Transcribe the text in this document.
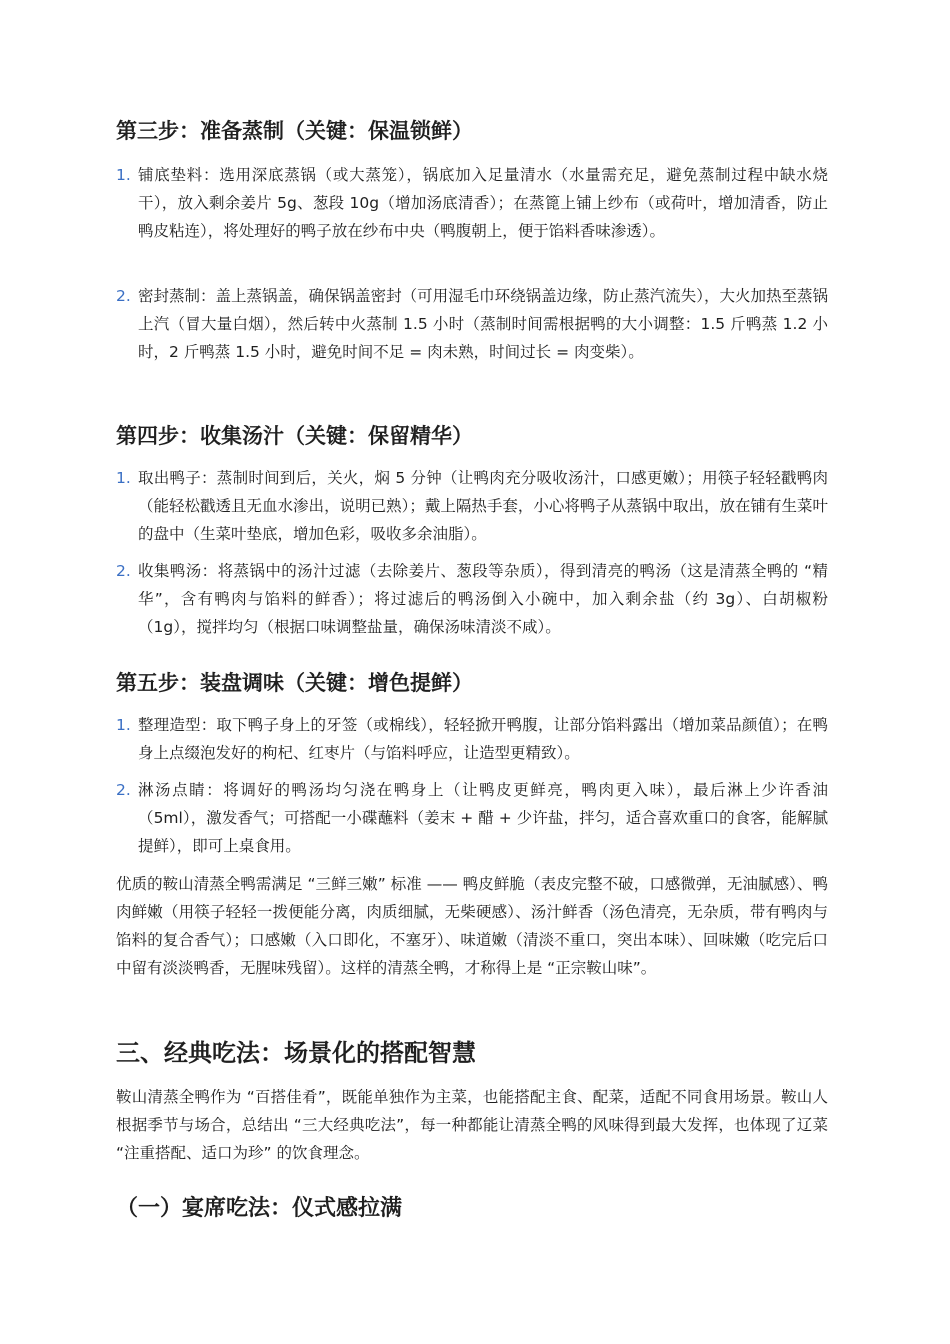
第三步：准备蒸制（关键：保温锁鲜）
1. 铺底垫料：选用深底蒸锅（或大蒸笼），锅底加入足量清水（水量需充足，避免蒸制过程中缺水烧干），放入剩余姜片 5g、葱段 10g（增加汤底清香）；在蒸篦上铺上纱布（或荷叶，增加清香，防止鸭皮粘连），将处理好的鸭子放在纱布中央（鸭腹朝上，便于馅料香味渗透）。
2. 密封蒸制：盖上蒸锅盖，确保锅盖密封（可用湿毛巾环绕锅盖边缘，防止蒸汽流失），大火加热至蒸锅上汽（冒大量白烟），然后转中火蒸制 1.5 小时（蒸制时间需根据鸭的大小调整：1.5 斤鸭蒸 1.2 小时，2 斤鸭蒸 1.5 小时，避免时间不足 = 肉未熟，时间过长 = 肉变柴）。
第四步：收集汤汁（关键：保留精华）
1. 取出鸭子：蒸制时间到后，关火，焖 5 分钟（让鸭肉充分吸收汤汁，口感更嫩）；用筷子轻轻戳鸭肉（能轻松戳透且无血水渗出，说明已熟）；戴上隔热手套，小心将鸭子从蒸锅中取出，放在铺有生菜叶的盘中（生菜叶垫底，增加色彩，吸收多余油脂）。
2. 收集鸭汤：将蒸锅中的汤汁过滤（去除姜片、葱段等杂质），得到清亮的鸭汤（这是清蒸全鸭的 “精华”，含有鸭肉与馅料的鲜香）；将过滤后的鸭汤倒入小碗中，加入剩余盐（约 3g）、白胡椒粉（1g），搅拌均匀（根据口味调整盐量，确保汤味清淡不咸）。
第五步：装盘调味（关键：增色提鲜）
1. 整理造型：取下鸭子身上的牙签（或棉线），轻轻掀开鸭腹，让部分馅料露出（增加菜品颜值）；在鸭身上点缀泡发好的枸杞、红枣片（与馅料呼应，让造型更精致）。
2. 淋汤点睛：将调好的鸭汤均匀浇在鸭身上（让鸭皮更鲜亮，鸭肉更入味），最后淋上少许香油（5ml），激发香气；可搭配一小碟蘸料（姜末 + 醋 + 少许盐，拌匀，适合喜欢重口的食客，能解腻提鲜），即可上桌食用。
优质的鞍山清蒸全鸭需满足 “三鲜三嫩” 标准 —— 鸭皮鲜脆（表皮完整不破，口感微弹，无油腻感）、鸭肉鲜嫩（用筷子轻轻一拨便能分离，肉质细腻，无柴硬感）、汤汁鲜香（汤色清亮，无杂质，带有鸭肉与馅料的复合香气）；口感嫩（入口即化，不塞牙）、味道嫩（清淡不重口，突出本味）、回味嫩（吃完后口中留有淡淡鸭香，无腥味残留）。这样的清蒸全鸭，才称得上是 “正宗鞍山味”。
三、经典吃法：场景化的搭配智慧
鞍山清蒸全鸭作为 “百搭佳肴”，既能单独作为主菜，也能搭配主食、配菜，适配不同食用场景。鞍山人根据季节与场合，总结出 “三大经典吃法”，每一种都能让清蒸全鸭的风味得到最大发挥，也体现了辽菜 “注重搭配、适口为珍” 的饮食理念。
（一）宴席吃法：仪式感拉满
